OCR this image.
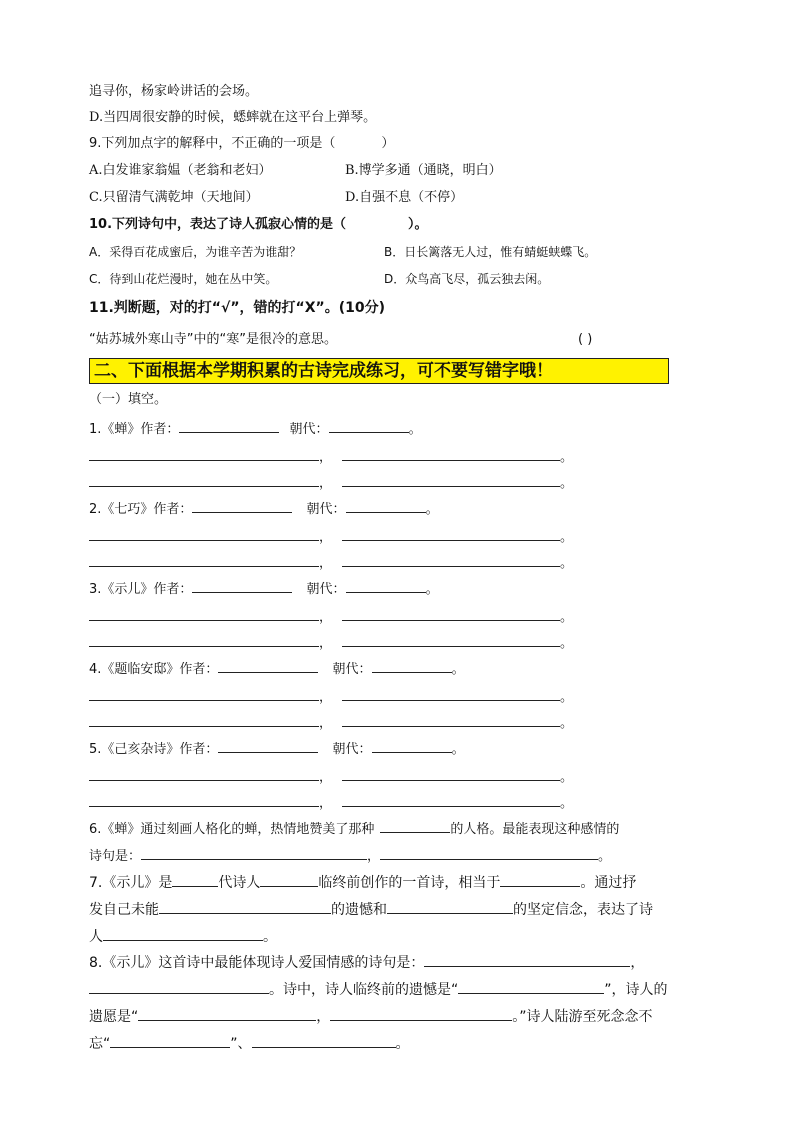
追寻你，杨家岭讲话的会场。
D.当四周很安静的时候，蟋蟀就在这平台上弹琴。
9.下列加点字的解释中，不正确的一项是（	）
A.白发谁家翁媪（老翁和老妇）	B.博学多通（通晓，明白）
C.只留清气满乾坤（天地间）	D.自强不息（不停）
10.下列诗句中，表达了诗人孤寂心情的是（	）。
A．采得百花成蜜后，为谁辛苦为谁甜？	B．日长篱落无人过，惟有蜻蜓蛱蝶飞。
C．待到山花烂漫时，她在丛中笑。	D．众鸟高飞尽，孤云独去闲。
11.判断题，对的打“√”，错的打“X”。(10分)
“姑苏城外寒山寺”中的“寒”是很冷的意思。	( )
二、下面根据本学期积累的古诗完成练习，可不要写错字哦！
（一）填空。
1.《蝉》作者：	朝代：	。
，	。
，	。
2.《七巧》作者：	朝代：	。
，	。
，	。
3.《示儿》作者：	朝代：	。
，	。
，	。
4.《题临安邸》作者：	朝代：	。
，	。
，	。
5.《己亥杂诗》作者：	朝代：	。
，	。
，	。
6.《蝉》通过刻画人格化的蝉，热情地赞美了那种	的人格。最能表现这种感情的
诗句是：	，	。
7.《示儿》是	代诗人	临终前创作的一首诗，相当于	。通过抒
发自己未能	的遗憾和	的坚定信念，表达了诗
人	。
8.《示儿》这首诗中最能体现诗人爱国情感的诗句是：	，
。诗中，诗人临终前的遗憾是“	”，诗人的
遗愿是“	，	。”诗人陆游至死念念不
忘“	”、	。
